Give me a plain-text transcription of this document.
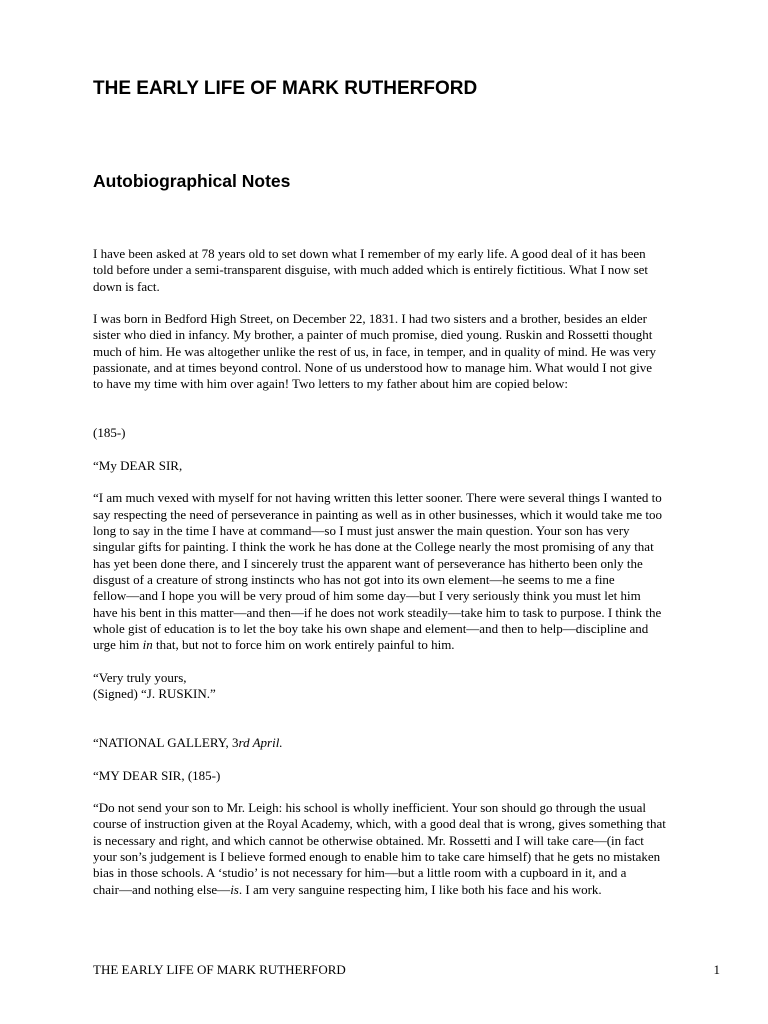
THE EARLY LIFE OF MARK RUTHERFORD
Autobiographical Notes

I have been asked at 78 years old to set down what I remember of my early life. A good deal of it has been
told before under a semi-transparent disguise, with much added which is entirely fictitious. What I now set
down is fact.

I was born in Bedford High Street, on December 22, 1831. I had two sisters and a brother, besides an elder
sister who died in infancy. My brother, a painter of much promise, died young. Ruskin and Rossetti thought
much of him. He was altogether unlike the rest of us, in face, in temper, and in quality of mind. He was very
passionate, and at times beyond control. None of us understood how to manage him. What would I not give
to have my time with him over again! Two letters to my father about him are copied below:

(185-)

“My DEAR SIR,

“I am much vexed with myself for not having written this letter sooner. There were several things I wanted to
say respecting the need of perseverance in painting as well as in other businesses, which it would take me too
long to say in the time I have at command—so I must just answer the main question. Your son has very
singular gifts for painting. I think the work he has done at the College nearly the most promising of any that
has yet been done there, and I sincerely trust the apparent want of perseverance has hitherto been only the
disgust of a creature of strong instincts who has not got into its own element—he seems to me a fine
fellow—and I hope you will be very proud of him some day—but I very seriously think you must let him
have his bent in this matter—and then—if he does not work steadily—take him to task to purpose. I think the
whole gist of education is to let the boy take his own shape and element—and then to help—discipline and
urge him in that, but not to force him on work entirely painful to him.

“Very truly yours,
(Signed) “J. RUSKIN.”

“NATIONAL GALLERY, 3rd April.

“MY DEAR SIR, (185-)

“Do not send your son to Mr. Leigh: his school is wholly inefficient. Your son should go through the usual
course of instruction given at the Royal Academy, which, with a good deal that is wrong, gives something that
is necessary and right, and which cannot be otherwise obtained. Mr. Rossetti and I will take care—(in fact
your son’s judgement is I believe formed enough to enable him to take care himself) that he gets no mistaken
bias in those schools. A ‘studio’ is not necessary for him—but a little room with a cupboard in it, and a
chair—and nothing else—is. I am very sanguine respecting him, I like both his face and his work.

THE EARLY LIFE OF MARK RUTHERFORD	1
